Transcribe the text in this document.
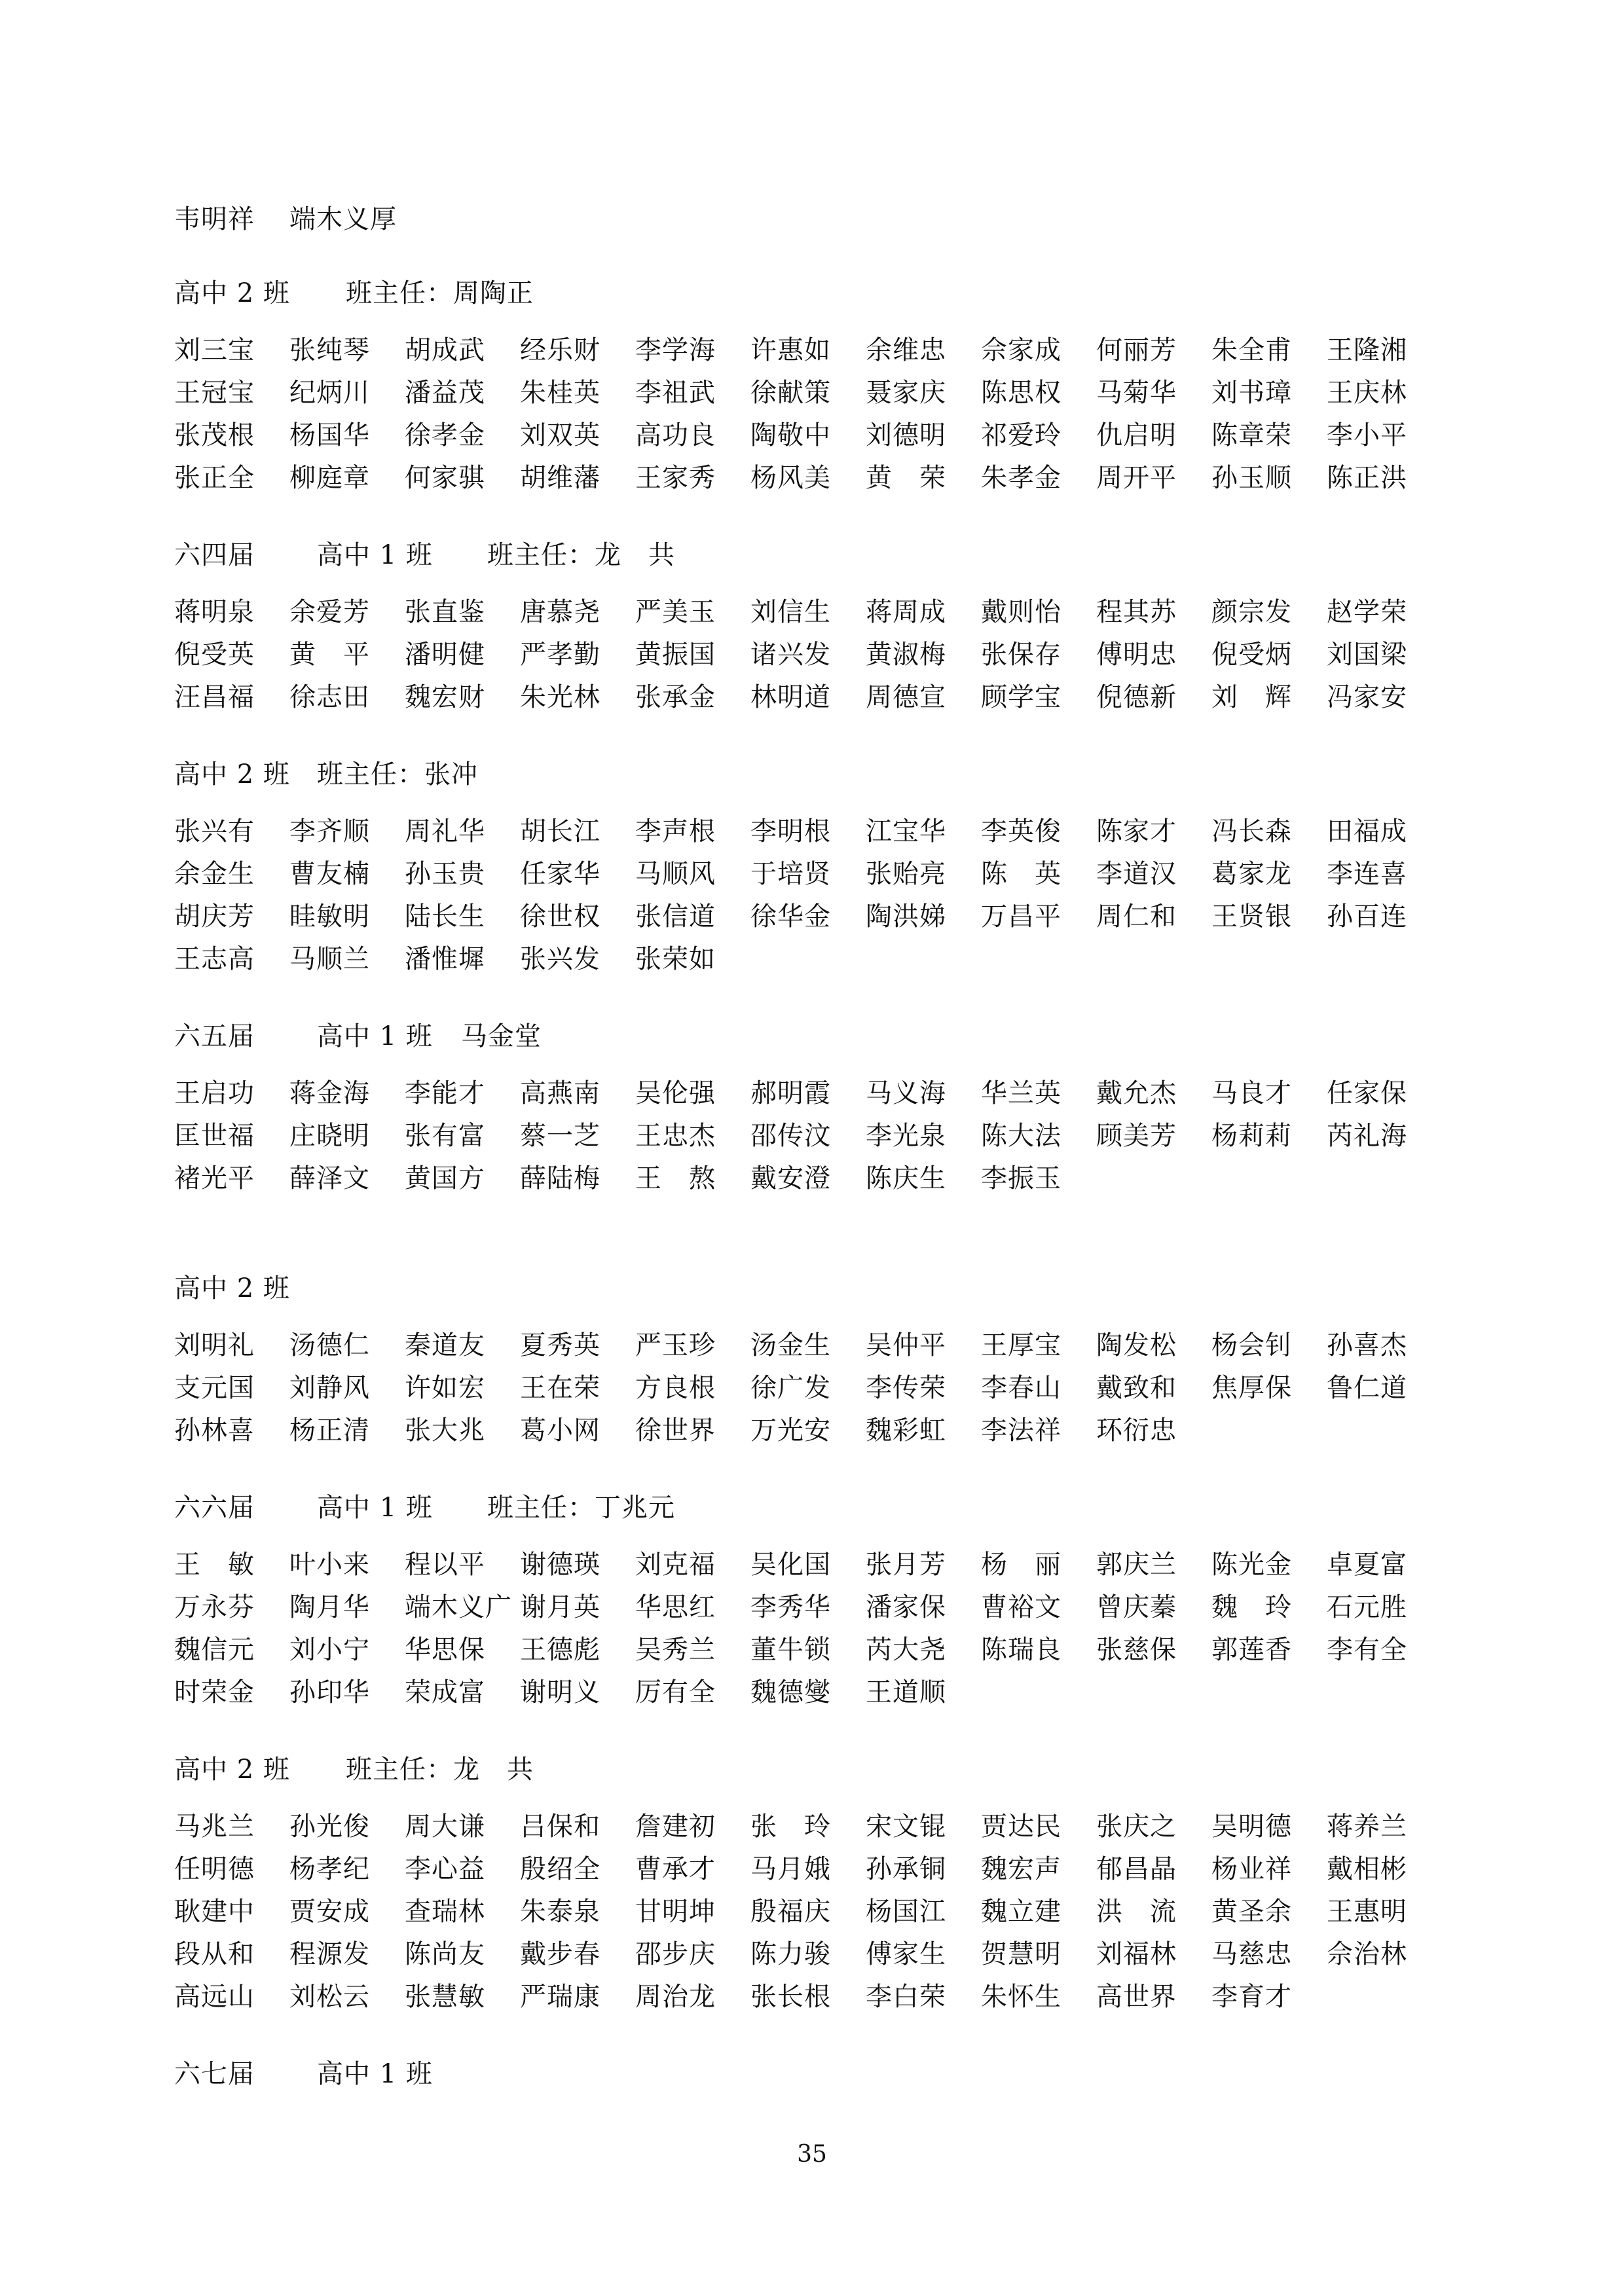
韦明祥	端木义厚
高中 2 班 班主任：周陶正
刘三宝	张纯琴	胡成武	经乐财	李学海	许惠如	余维忠	佘家成	何丽芳	朱全甫	王隆湘
王冠宝	纪炳川	潘益茂	朱桂英	李祖武	徐献策	聂家庆	陈思权	马菊华	刘书璋	王庆林
张茂根	杨国华	徐孝金	刘双英	高功良	陶敬中	刘德明	祁爱玲	仇启明	陈章荣	李小平
张正全	柳庭章	何家骐	胡维藩	王家秀	杨风美	黄　荣	朱孝金	周开平	孙玉顺	陈正洪
六四届 高中 1 班 班主任：龙　共
蒋明泉	余爱芳	张直鉴	唐慕尧	严美玉	刘信生	蒋周成	戴则怡	程其苏	颜宗发	赵学荣
倪受英	黄　平	潘明健	严孝勤	黄振国	诸兴发	黄淑梅	张保存	傅明忠	倪受炳	刘国梁
汪昌福	徐志田	魏宏财	朱光林	张承金	林明道	周德宣	顾学宝	倪德新	刘　辉	冯家安
高中 2 班 班主任：张冲
张兴有	李齐顺	周礼华	胡长江	李声根	李明根	江宝华	李英俊	陈家才	冯长森	田福成
余金生	曹友楠	孙玉贵	任家华	马顺风	于培贤	张贻亮	陈　英	李道汉	葛家龙	李连喜
胡庆芳	眭敏明	陆长生	徐世权	张信道	徐华金	陶洪娣	万昌平	周仁和	王贤银	孙百连
王志高	马顺兰	潘惟墀	张兴发	张荣如
六五届 高中 1 班 马金堂
王启功	蒋金海	李能才	高燕南	吴伦强	郝明霞	马义海	华兰英	戴允杰	马良才	任家保
匡世福	庄晓明	张有富	蔡一芝	王忠杰	邵传汶	李光泉	陈大法	顾美芳	杨莉莉	芮礼海
褚光平	薛泽文	黄国方	薛陆梅	王　熬	戴安澄	陈庆生	李振玉
高中 2 班
刘明礼	汤德仁	秦道友	夏秀英	严玉珍	汤金生	吴仲平	王厚宝	陶发松	杨会钊	孙喜杰
支元国	刘静风	许如宏	王在荣	方良根	徐广发	李传荣	李春山	戴致和	焦厚保	鲁仁道
孙林喜	杨正清	张大兆	葛小网	徐世界	万光安	魏彩虹	李法祥	环衍忠
六六届 高中 1 班 班主任：丁兆元
王　敏	叶小来	程以平	谢德瑛	刘克福	吴化国	张月芳	杨　丽	郭庆兰	陈光金	卓夏富
万永芬	陶月华	端木义广 谢月英	华思红	李秀华	潘家保	曹裕文	曾庆蓁	魏　玲	石元胜
魏信元	刘小宁	华思保	王德彪	吴秀兰	董牛锁	芮大尧	陈瑞良	张慈保	郭莲香	李有全
时荣金	孙印华	荣成富	谢明义	厉有全	魏德燮	王道顺
高中 2 班 班主任：龙　共
马兆兰	孙光俊	周大谦	吕保和	詹建初	张　玲	宋文锟	贾达民	张庆之	吴明德	蒋养兰
任明德	杨孝纪	李心益	殷绍全	曹承才	马月娥	孙承铜	魏宏声	郁昌晶	杨业祥	戴相彬
耿建中	贾安成	查瑞林	朱泰泉	甘明坤	殷福庆	杨国江	魏立建	洪　流	黄圣余	王惠明
段从和	程源发	陈尚友	戴步春	邵步庆	陈力骏	傅家生	贺慧明	刘福林	马慈忠	佘治林
高远山	刘松云	张慧敏	严瑞康	周治龙	张长根	李白荣	朱怀生	高世界	李育才
六七届 高中 1 班
35
